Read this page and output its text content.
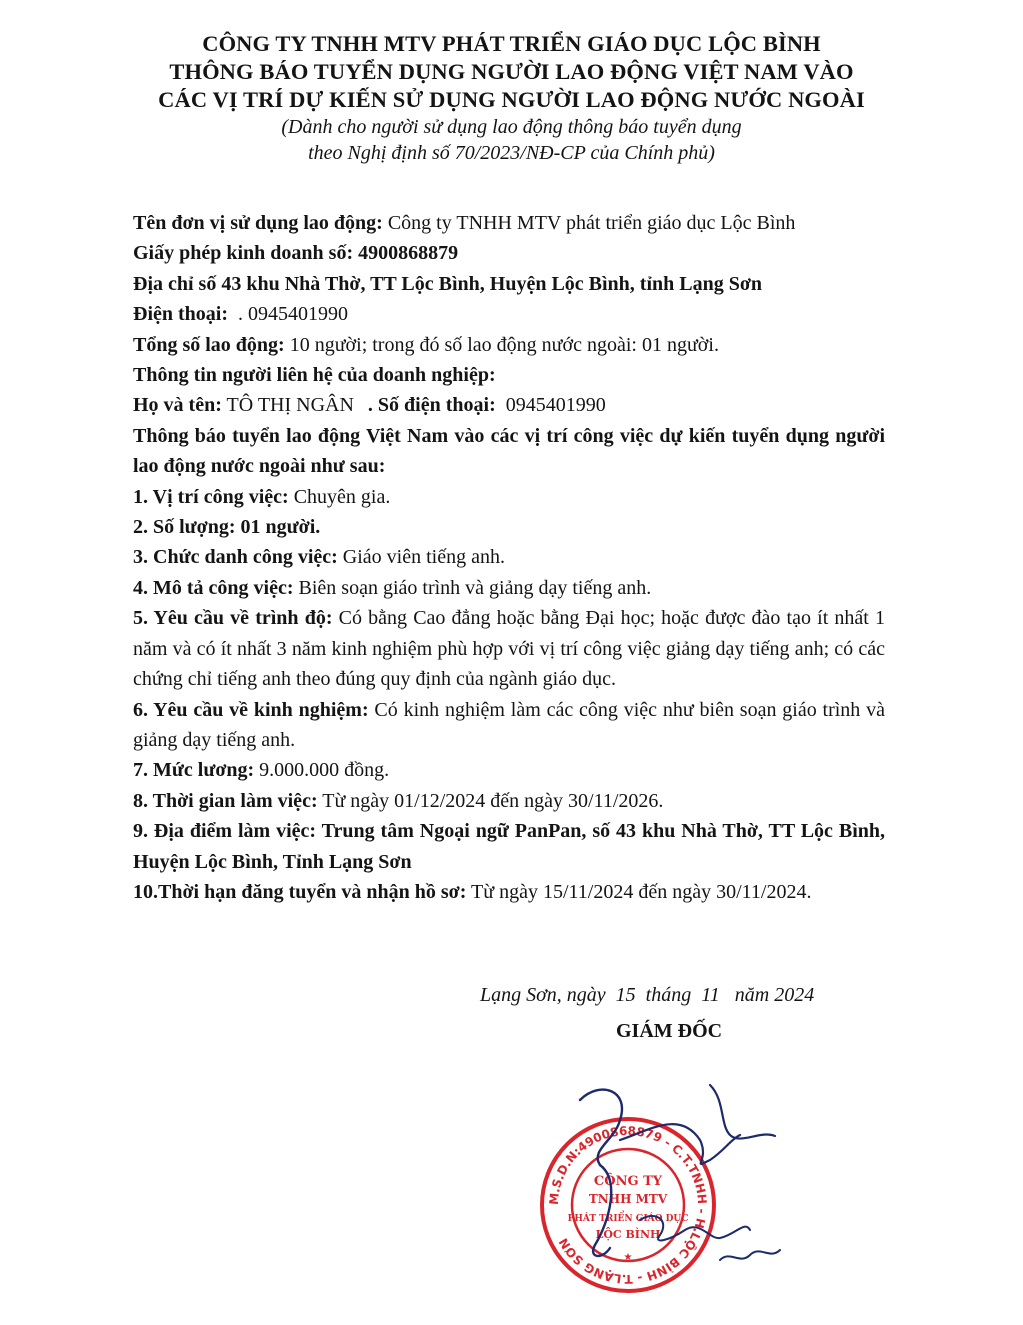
CÔNG TY TNHH MTV PHÁT TRIỂN GIÁO DỤC LỘC BÌNH
THÔNG BÁO TUYỂN DỤNG NGƯỜI LAO ĐỘNG VIỆT NAM VÀO
CÁC VỊ TRÍ DỰ KIẾN SỬ DỤNG NGƯỜI LAO ĐỘNG NƯỚC NGOÀI
(Dành cho người sử dụng lao động thông báo tuyển dụng
theo Nghị định số 70/2023/NĐ-CP của Chính phủ)
Tên đơn vị sử dụng lao động: Công ty TNHH MTV phát triển giáo dục Lộc Bình
Giấy phép kinh doanh số: 4900868879
Địa chỉ số 43 khu Nhà Thờ, TT Lộc Bình, Huyện Lộc Bình, tỉnh Lạng Sơn
Điện thoại:  . 0945401990
Tổng số lao động: 10 người; trong đó số lao động nước ngoài: 01 người.
Thông tin người liên hệ của doanh nghiệp:
Họ và tên: TÔ THỊ NGÂN . Số điện thoại:  0945401990
Thông báo tuyển lao động Việt Nam vào các vị trí công việc dự kiến tuyển dụng người lao động nước ngoài như sau:
1. Vị trí công việc: Chuyên gia.
2. Số lượng: 01 người.
3. Chức danh công việc: Giáo viên tiếng anh.
4. Mô tả công việc: Biên soạn giáo trình và giảng dạy tiếng anh.
5. Yêu cầu về trình độ: Có bằng Cao đẳng hoặc bằng Đại học; hoặc được đào tạo ít nhất 1 năm và có ít nhất 3 năm kinh nghiệm phù hợp với vị trí công việc giảng dạy tiếng anh; có các chứng chỉ tiếng anh theo đúng quy định của ngành giáo dục.
6. Yêu cầu về kinh nghiệm: Có kinh nghiệm làm các công việc như biên soạn giáo trình và giảng dạy tiếng anh.
7. Mức lương: 9.000.000 đồng.
8. Thời gian làm việc: Từ ngày 01/12/2024 đến ngày 30/11/2026.
9. Địa điểm làm việc: Trung tâm Ngoại ngữ PanPan, số 43 khu Nhà Thờ, TT Lộc Bình, Huyện Lộc Bình, Tỉnh Lạng Sơn
10.Thời hạn đăng tuyển và nhận hồ sơ: Từ ngày 15/11/2024 đến ngày 30/11/2024.
Lạng Sơn, ngày  15  tháng  11   năm 2024
GIÁM ĐỐC
M.S.D.N:4900868879 - C.T.TNHH - H.LỘC BÌNH - T.LẠNG SƠN
CÔNG TY
TNHH MTV
PHÁT TRIỂN GIÁO DỤC
LỘC BÌNH
★
